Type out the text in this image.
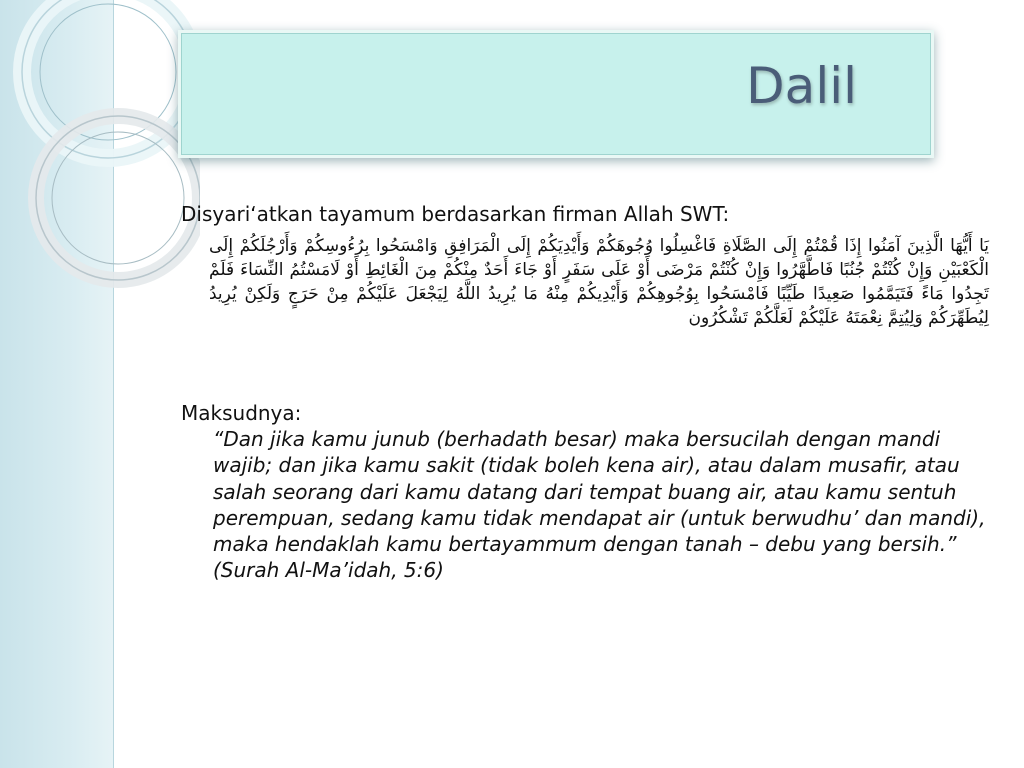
Dalil

Disyari‘atkan tayamum berdasarkan firman Allah SWT:

يَا أَيُّهَا الَّذِينَ آمَنُوا إِذَا قُمْتُمْ إِلَى الصَّلَاةِ فَاغْسِلُوا وُجُوهَكُمْ وَأَيْدِيَكُمْ إِلَى الْمَرَافِقِ وَامْسَحُوا بِرُءُوسِكُمْ وَأَرْجُلَكُمْ إِلَى الْكَعْبَيْنِ وَإِنْ كُنْتُمْ جُنُبًا فَاطَّهَّرُوا وَإِنْ كُنْتُمْ مَرْضَى أَوْ عَلَى سَفَرٍ أَوْ جَاءَ أَحَدٌ مِنْكُمْ مِنَ الْغَائِطِ أَوْ لَامَسْتُمُ النِّسَاءَ فَلَمْ تَجِدُوا مَاءً فَتَيَمَّمُوا صَعِيدًا طَيِّبًا فَامْسَحُوا بِوُجُوهِكُمْ وَأَيْدِيكُمْ مِنْهُ مَا يُرِيدُ اللَّهُ لِيَجْعَلَ عَلَيْكُمْ مِنْ حَرَجٍ وَلَكِنْ يُرِيدُ لِيُطَهِّرَكُمْ وَلِيُتِمَّ نِعْمَتَهُ عَلَيْكُمْ لَعَلَّكُمْ تَشْكُرُون

Maksudnya:

“Dan jika kamu junub (berhadath besar) maka bersucilah dengan mandi wajib; dan jika kamu sakit (tidak boleh kena air), atau dalam musafir, atau salah seorang dari kamu datang dari tempat buang air, atau kamu sentuh perempuan, sedang kamu tidak mendapat air (untuk berwudhu’ dan mandi), maka hendaklah kamu bertayammum dengan tanah – debu yang bersih.”

(Surah Al-Ma’idah, 5:6)
